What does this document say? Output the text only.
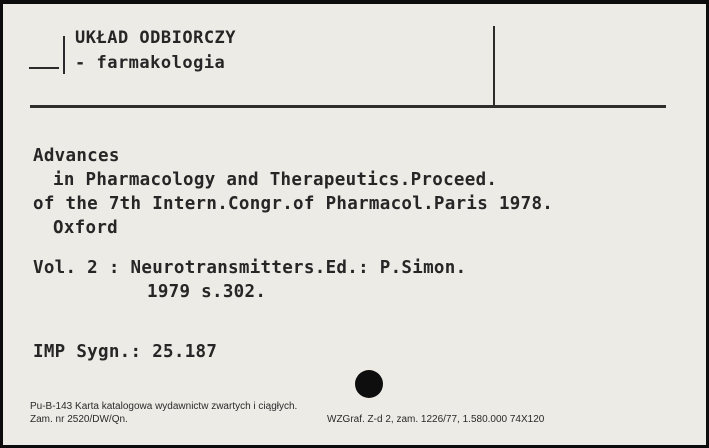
UKŁAD ODBIORCZY
- farmakologia
Advances
in Pharmacology and Therapeutics.Proceed.
of the 7th Intern.Congr.of Pharmacol.Paris 1978.
Oxford
Vol. 2 : Neurotransmitters.Ed.: P.Simon.
1979 s.302.
IMP Sygn.: 25.187
Pu-B-143 Karta katalogowa wydawnictw zwartych i ciągłych.
Zam. nr 2520/DW/Qn.	WZGraf. Z-d 2, zam. 1226/77, 1.580.000 74X120
